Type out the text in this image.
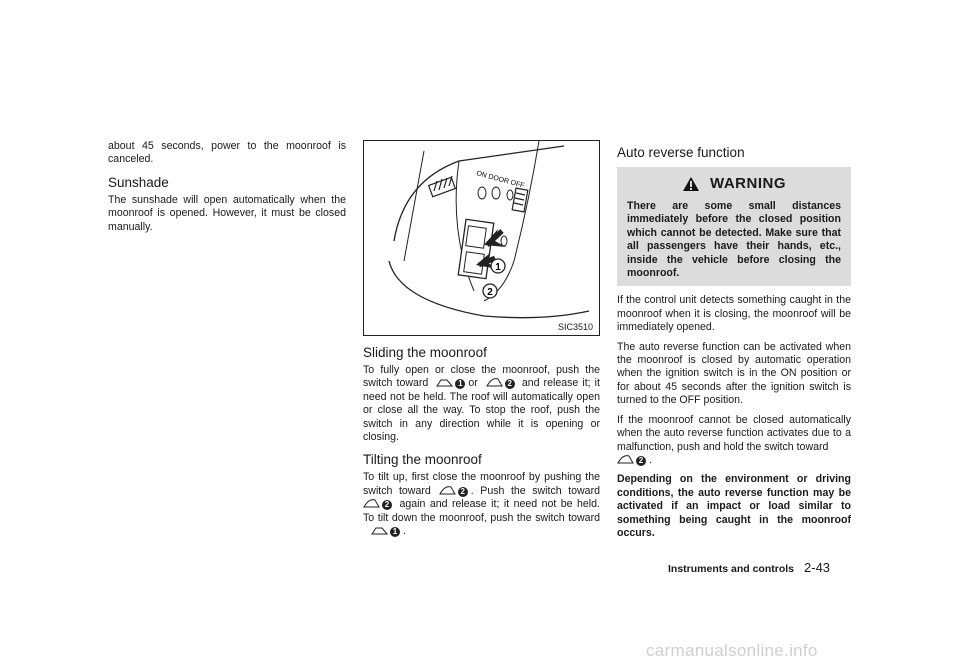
about 45 seconds, power to the moonroof is canceled.

Sunshade

The sunshade will open automatically when the moonroof is opened. However, it must be closed manually.

ON DOOR OFF
1
2
SIC3510
Sliding the moonroof

To fully open or close the moonroof, push the switch toward	1 or	2 and release it; it need not be held. The roof will automatically open or close all the way. To stop the roof, push the switch in any direction while it is opening or closing.

Tilting the moonroof

To tilt up, first close the moonroof by pushing the switch toward	2 . Push the switch toward 2 again and release it; it need not be held. To tilt down the moonroof, push the switch toward1 .

Auto reverse function
WARNING

There are some small distances immediately before the closed position which cannot be detected. Make sure that all passengers have their hands, etc., inside the vehicle before closing the moonroof.

If the control unit detects something caught in the moonroof when it is closing, the moonroof will be immediately opened.

The auto reverse function can be activated when the moonroof is closed by automatic operation when the ignition switch is in the ON position or for about 45 seconds after the ignition switch is turned to the OFF position.

If the moonroof cannot be closed automatically when the auto reverse function activates due to a malfunction, push and hold the switch toward
2 .

Depending on the environment or driving conditions, the auto reverse function may be activated if an impact or load similar to something being caught in the moonroof occurs.

Instruments and controls 2-43
carmanualsonline.info
